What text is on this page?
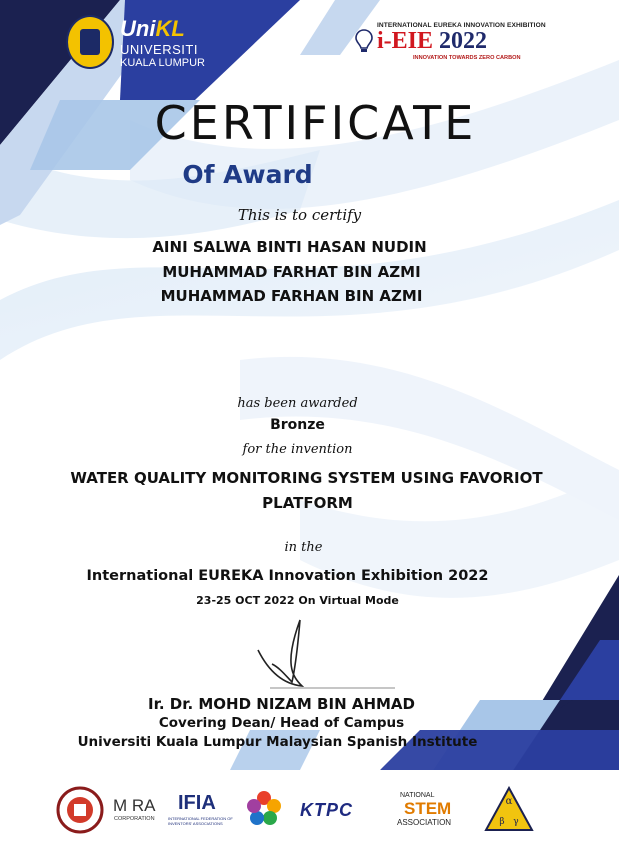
UniKL
UNIVERSITI
KUALA LUMPUR
INTERNATIONAL EUREKA INNOVATION EXHIBITION
i-EIE 2022
INNOVATION TOWARDS ZERO CARBON
CERTIFICATE
Of Award
This is to certify
AINI SALWA BINTI HASAN NUDIN
MUHAMMAD FARHAT BIN AZMI
MUHAMMAD FARHAN BIN AZMI
has been awarded
Bronze
for the invention
WATER QUALITY MONITORING SYSTEM USING FAVORIOT
PLATFORM
in the
International EUREKA Innovation Exhibition 2022
23-25 OCT 2022 On Virtual Mode
Ir. Dr. MOHD NIZAM BIN AHMAD
Covering Dean/ Head of Campus
Universiti Kuala Lumpur Malaysian Spanish Institute
M RA
CORPORATION
IFIA
INTERNATIONAL FEDERATION OF INVENTORS' ASSOCIATIONS
KTPC
NATIONAL
STEM
ASSOCIATION
α
β γ
